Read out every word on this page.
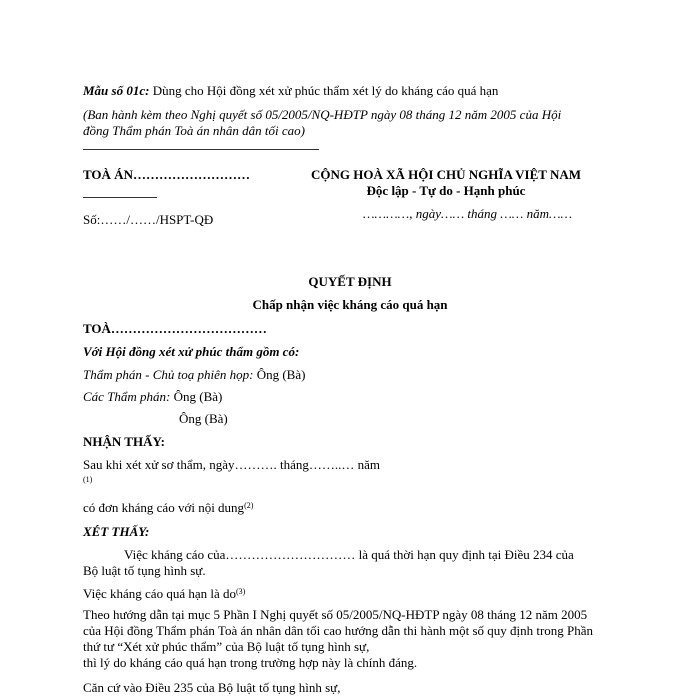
Mẫu số 01c: Dùng cho Hội đồng xét xử phúc thẩm xét lý do kháng cáo quá hạn
(Ban hành kèm theo Nghị quyết số 05/2005/NQ-HĐTP ngày 08 tháng 12 năm 2005 của Hội
đồng Thẩm phán Toà án nhân dân tối cao)
TOÀ ÁN………………………
Số:……/……/HSPT-QĐ
CỘNG HOÀ XÃ HỘI CHỦ NGHĨA VIỆT NAM
Độc lập - Tự do - Hạnh phúc
…………, ngày…… tháng …… năm……
QUYẾT ĐỊNH
Chấp nhận việc kháng cáo quá hạn
TOÀ………………………………
Với Hội đồng xét xử phúc thẩm gồm có:
Thẩm phán - Chủ toạ phiên họp: Ông (Bà)
Các Thẩm phán: Ông (Bà)
Ông (Bà)
NHẬN THẤY:
Sau khi xét xử sơ thẩm, ngày………. tháng……..… năm
(1)
có đơn kháng cáo với nội dung$^{(2)}$
XÉT THẤY:
Việc kháng cáo của………………………… là quá thời hạn quy định tại Điều 234 của
Bộ luật tố tụng hình sự.
Việc kháng cáo quá hạn là $do^{(3)}$
Theo hướng dẫn tại mục 5 Phần I Nghị quyết số 05/2005/NQ-HĐTP ngày 08 tháng 12 năm 2005
của Hội đồng Thẩm phán Toà án nhân dân tối cao hướng dẫn thi hành một số quy định trong Phần
thứ tư “Xét xử phúc thẩm” của Bộ luật tố tụng hình sự,
thì lý do kháng cáo quá hạn trong trường hợp này là chính đáng.
Căn cứ vào Điều 235 của Bộ luật tố tụng hình sự,
